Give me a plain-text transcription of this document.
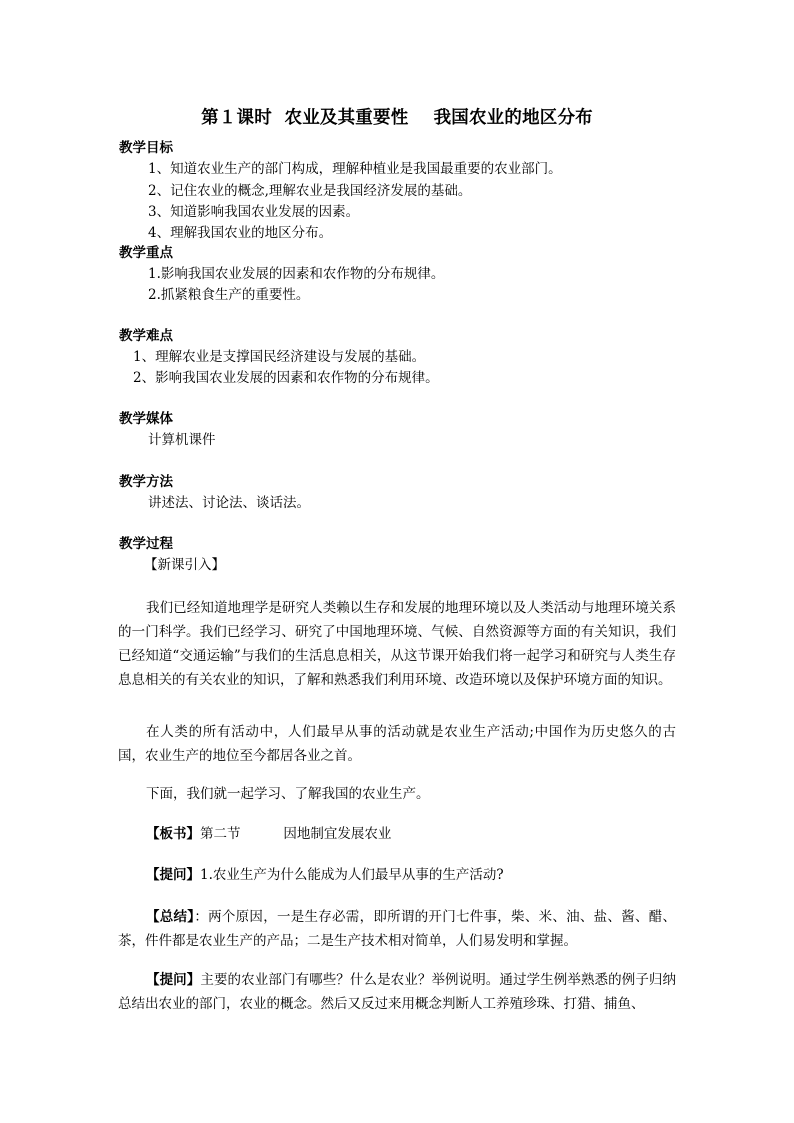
第１课时  农业及其重要性    我国农业的地区分布
教学目标
1、知道农业生产的部门构成，理解种植业是我国最重要的农业部门。
2、记住农业的概念,理解农业是我国经济发展的基础。
3、知道影响我国农业发展的因素。
4、理解我国农业的地区分布。
教学重点
1.影响我国农业发展的因素和农作物的分布规律。
2.抓紧粮食生产的重要性。
教学难点
1、理解农业是支撑国民经济建设与发展的基础。
2、影响我国农业发展的因素和农作物的分布规律。
教学媒体
计算机课件
教学方法
讲述法、讨论法、谈话法。
教学过程
【新课引入】
我们已经知道地理学是研究人类赖以生存和发展的地理环境以及人类活动与地理环境关系的一门科学。我们已经学习、研究了中国地理环境、气候、自然资源等方面的有关知识，我们已经知道“交通运输”与我们的生活息息相关，从这节课开始我们将一起学习和研究与人类生存息息相关的有关农业的知识，了解和熟悉我们利用环境、改造环境以及保护环境方面的知识。
在人类的所有活动中，人们最早从事的活动就是农业生产活动;中国作为历史悠久的古国，农业生产的地位至今都居各业之首。
下面，我们就一起学习、了解我国的农业生产。
【板书】第二节          因地制宜发展农业
【提问】1.农业生产为什么能成为人们最早从事的生产活动?
【总结】：两个原因，一是生存必需，即所谓的开门七件事，柴、米、油、盐、酱、醋、茶，件件都是农业生产的产品；二是生产技术相对简单，人们易发明和掌握。
【提问】主要的农业部门有哪些？什么是农业？举例说明。通过学生例举熟悉的例子归纳总结出农业的部门，农业的概念。然后又反过来用概念判断人工养殖珍珠、打猎、捕鱼、
